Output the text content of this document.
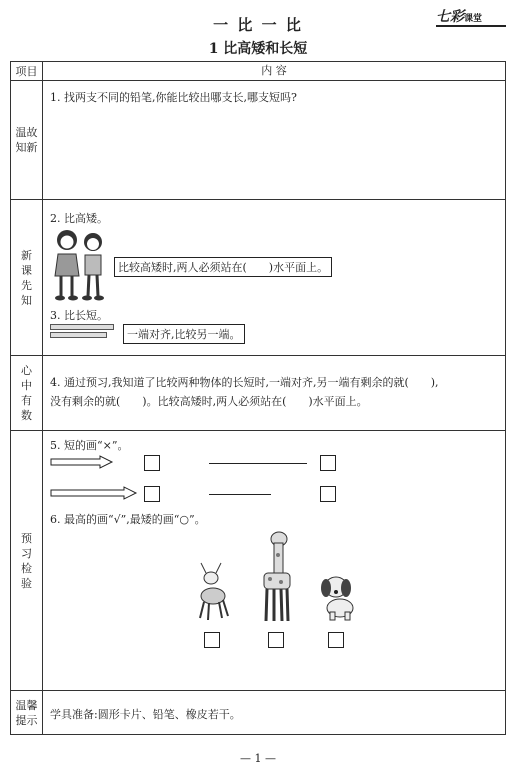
一 比 一 比
1 比高矮和长短
七彩课堂
项目	内 容
温故知新	1. 找两支不同的铅笔,你能比较出哪支长,哪支短吗?

新课先知	2. 比高矮。
比较高矮时,两人必须站在(　　)水平面上。
3. 比长短。
一端对齐,比较另一端。

心中有数	4. 通过预习,我知道了比较两种物体的长短时,一端对齐,另一端有剩余的就(　　),
没有剩余的就(　　)。比较高矮时,两人必须站在(　　)水平面上。

预习检验	5. 短的画“×”。
6. 最高的画“√”,最矮的画“○”。

温馨提示	学具准备:圆形卡片、铅笔、橡皮若干。
— 1 —
